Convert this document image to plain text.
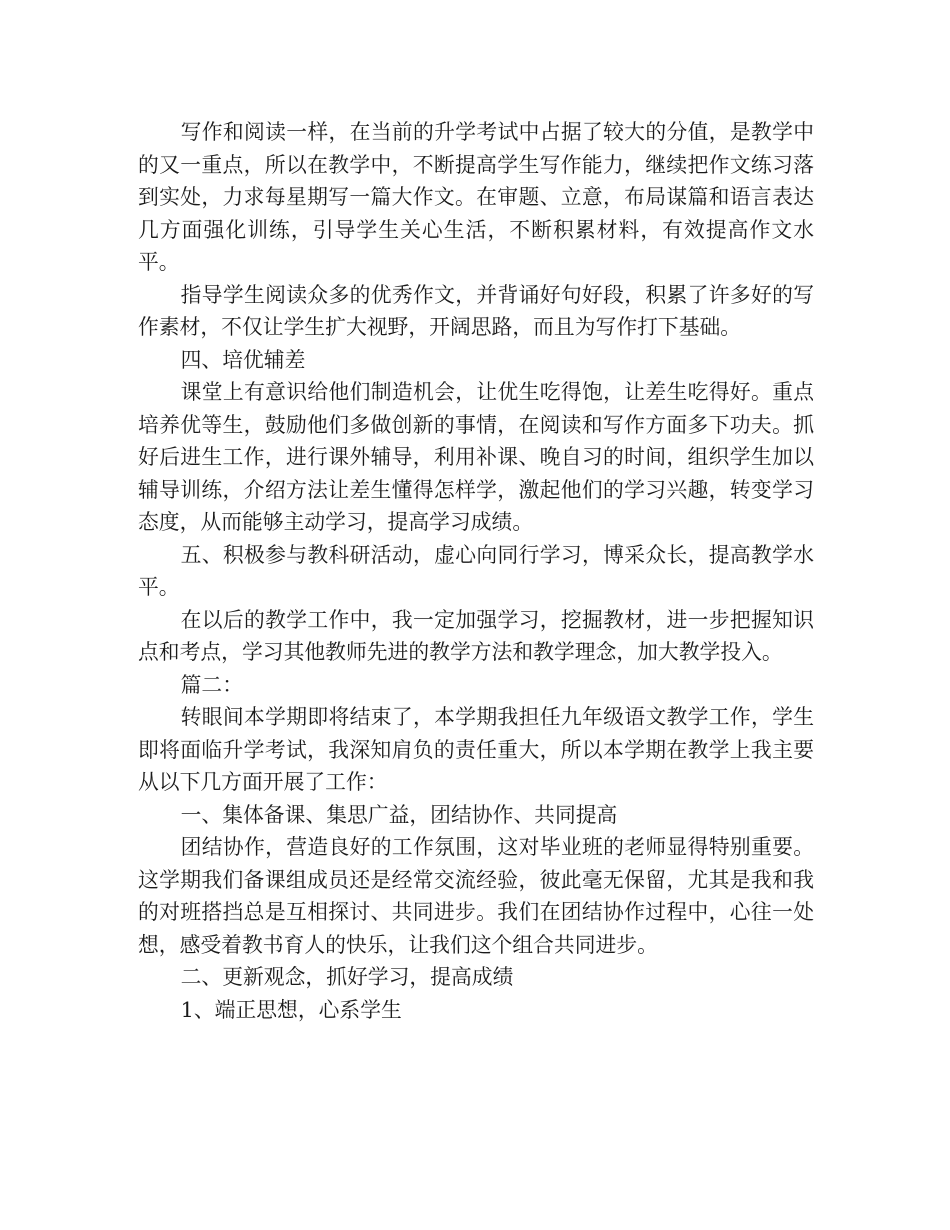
写作和阅读一样，在当前的升学考试中占据了较大的分值，是教学中的又一重点，所以在教学中，不断提高学生写作能力，继续把作文练习落到实处，力求每星期写一篇大作文。在审题、立意，布局谋篇和语言表达几方面强化训练，引导学生关心生活，不断积累材料，有效提高作文水平。

指导学生阅读众多的优秀作文，并背诵好句好段，积累了许多好的写作素材，不仅让学生扩大视野，开阔思路，而且为写作打下基础。

四、培优辅差

课堂上有意识给他们制造机会，让优生吃得饱，让差生吃得好。重点培养优等生，鼓励他们多做创新的事情，在阅读和写作方面多下功夫。抓好后进生工作，进行课外辅导，利用补课、晚自习的时间，组织学生加以辅导训练，介绍方法让差生懂得怎样学，激起他们的学习兴趣，转变学习态度，从而能够主动学习，提高学习成绩。

五、积极参与教科研活动，虚心向同行学习，博采众长，提高教学水平。

在以后的教学工作中，我一定加强学习，挖掘教材，进一步把握知识点和考点，学习其他教师先进的教学方法和教学理念，加大教学投入。

篇二：

转眼间本学期即将结束了，本学期我担任九年级语文教学工作，学生即将面临升学考试，我深知肩负的责任重大，所以本学期在教学上我主要从以下几方面开展了工作：

一、集体备课、集思广益，团结协作、共同提高

团结协作，营造良好的工作氛围，这对毕业班的老师显得特别重要。这学期我们备课组成员还是经常交流经验，彼此毫无保留，尤其是我和我的对班搭挡总是互相探讨、共同进步。我们在团结协作过程中，心往一处想，感受着教书育人的快乐，让我们这个组合共同进步。

二、更新观念，抓好学习，提高成绩

1、端正思想，心系学生
